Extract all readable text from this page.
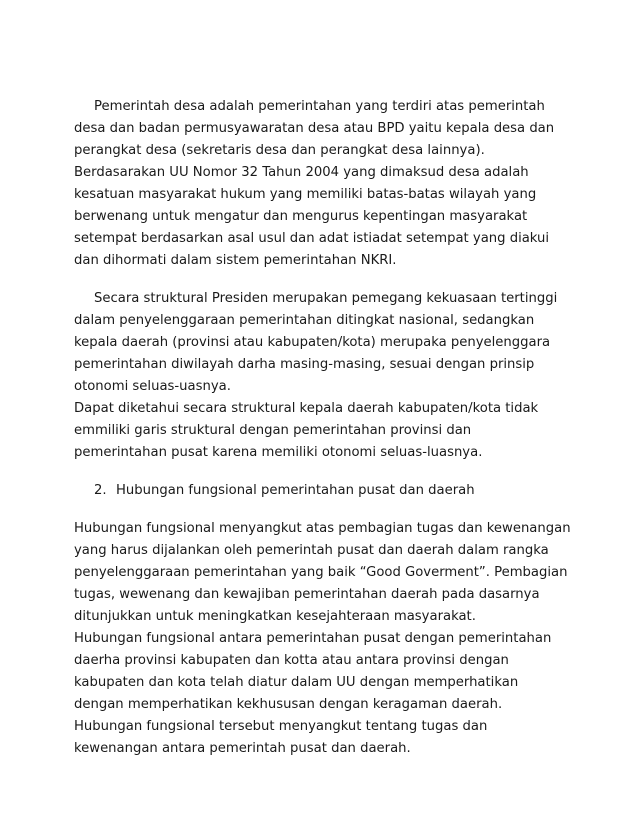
Pemerintah desa adalah pemerintahan yang terdiri atas pemerintah
desa dan badan permusyawaratan desa atau BPD yaitu kepala desa dan
perangkat desa (sekretaris desa dan perangkat desa lainnya).
Berdasarakan UU Nomor 32 Tahun 2004 yang dimaksud desa adalah
kesatuan masyarakat hukum yang memiliki batas-batas wilayah yang
berwenang untuk mengatur dan mengurus kepentingan masyarakat
setempat berdasarkan asal usul dan adat istiadat setempat yang diakui
dan dihormati dalam sistem pemerintahan NKRI.
Secara struktural Presiden merupakan pemegang kekuasaan tertinggi
dalam penyelenggaraan pemerintahan ditingkat nasional, sedangkan
kepala daerah (provinsi atau kabupaten/kota) merupaka penyelenggara
pemerintahan diwilayah darha masing-masing, sesuai dengan prinsip
otonomi seluas-uasnya.
Dapat diketahui secara struktural kepala daerah kabupaten/kota tidak
emmiliki garis struktural dengan pemerintahan provinsi dan
pemerintahan pusat karena memiliki otonomi seluas-luasnya.
2. Hubungan fungsional pemerintahan pusat dan daerah
Hubungan fungsional menyangkut atas pembagian tugas dan kewenangan
yang harus dijalankan oleh pemerintah pusat dan daerah dalam rangka
penyelenggaraan pemerintahan yang baik “Good Goverment”. Pembagian
tugas, wewenang dan kewajiban pemerintahan daerah pada dasarnya
ditunjukkan untuk meningkatkan kesejahteraan masyarakat.
Hubungan fungsional antara pemerintahan pusat dengan pemerintahan
daerha provinsi kabupaten dan kotta atau antara provinsi dengan
kabupaten dan kota telah diatur dalam UU dengan memperhatikan
dengan memperhatikan kekhususan dengan keragaman daerah.
Hubungan fungsional tersebut menyangkut tentang tugas dan
kewenangan antara pemerintah pusat dan daerah.
